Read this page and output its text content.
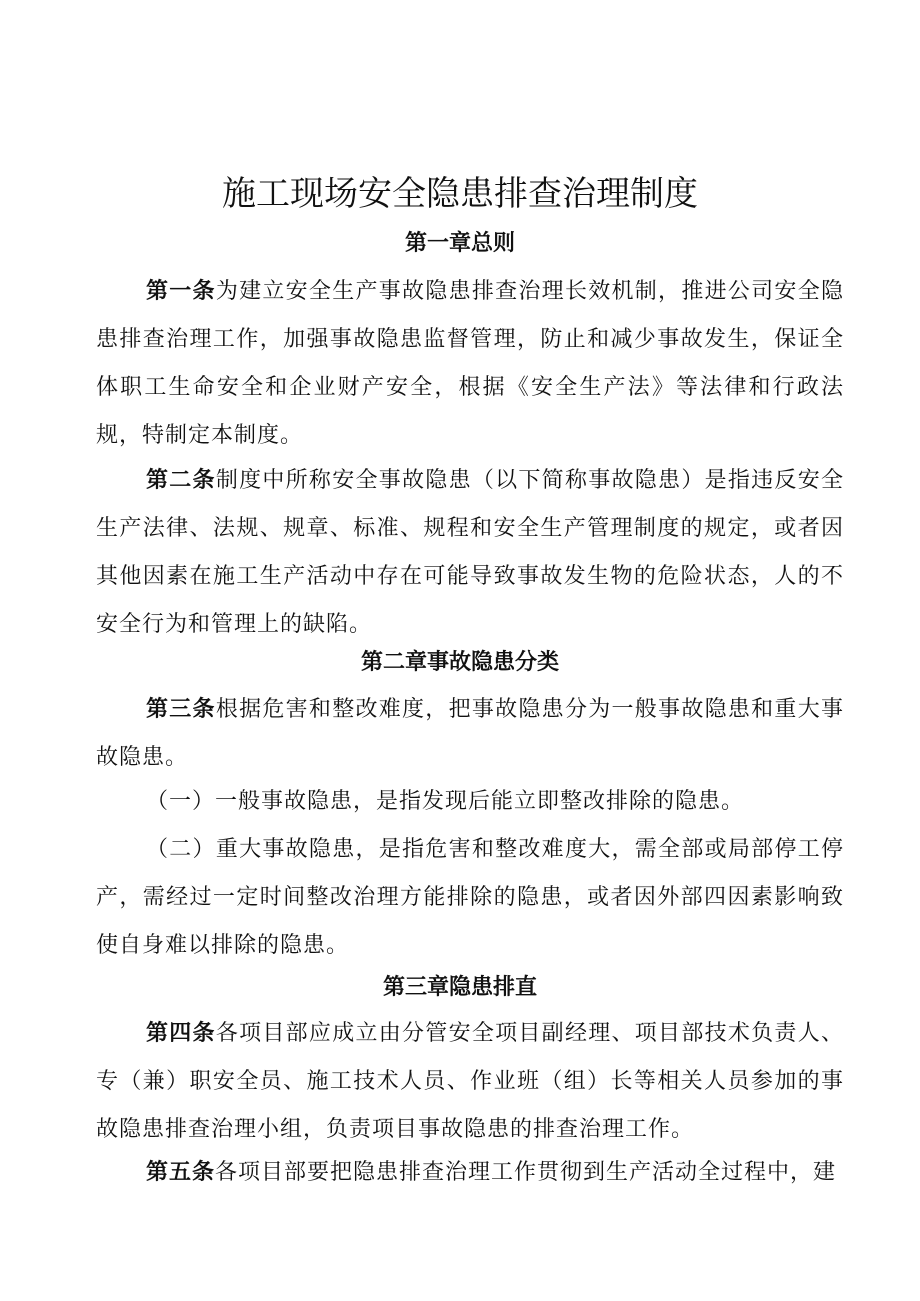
施工现场安全隐患排查治理制度
第一章总则

第一条为建立安全生产事故隐患排查治理长效机制，推进公司安全隐患排查治理工作，加强事故隐患监督管理，防止和减少事故发生，保证全体职工生命安全和企业财产安全，根据《安全生产法》等法律和行政法规，特制定本制度。

第二条制度中所称安全事故隐患（以下简称事故隐患）是指违反安全生产法律、法规、规章、标准、规程和安全生产管理制度的规定，或者因其他因素在施工生产活动中存在可能导致事故发生物的危险状态，人的不安全行为和管理上的缺陷。

第二章事故隐患分类

第三条根据危害和整改难度，把事故隐患分为一般事故隐患和重大事故隐患。

（一）一般事故隐患，是指发现后能立即整改排除的隐患。

（二）重大事故隐患，是指危害和整改难度大，需全部或局部停工停产，需经过一定时间整改治理方能排除的隐患，或者因外部四因素影响致使自身难以排除的隐患。

第三章隐患排直

第四条各项目部应成立由分管安全项目副经理、项目部技术负责人、专（兼）职安全员、施工技术人员、作业班（组）长等相关人员参加的事故隐患排查治理小组，负责项目事故隐患的排查治理工作。

第五条各项目部要把隐患排查治理工作贯彻到生产活动全过程中，建
